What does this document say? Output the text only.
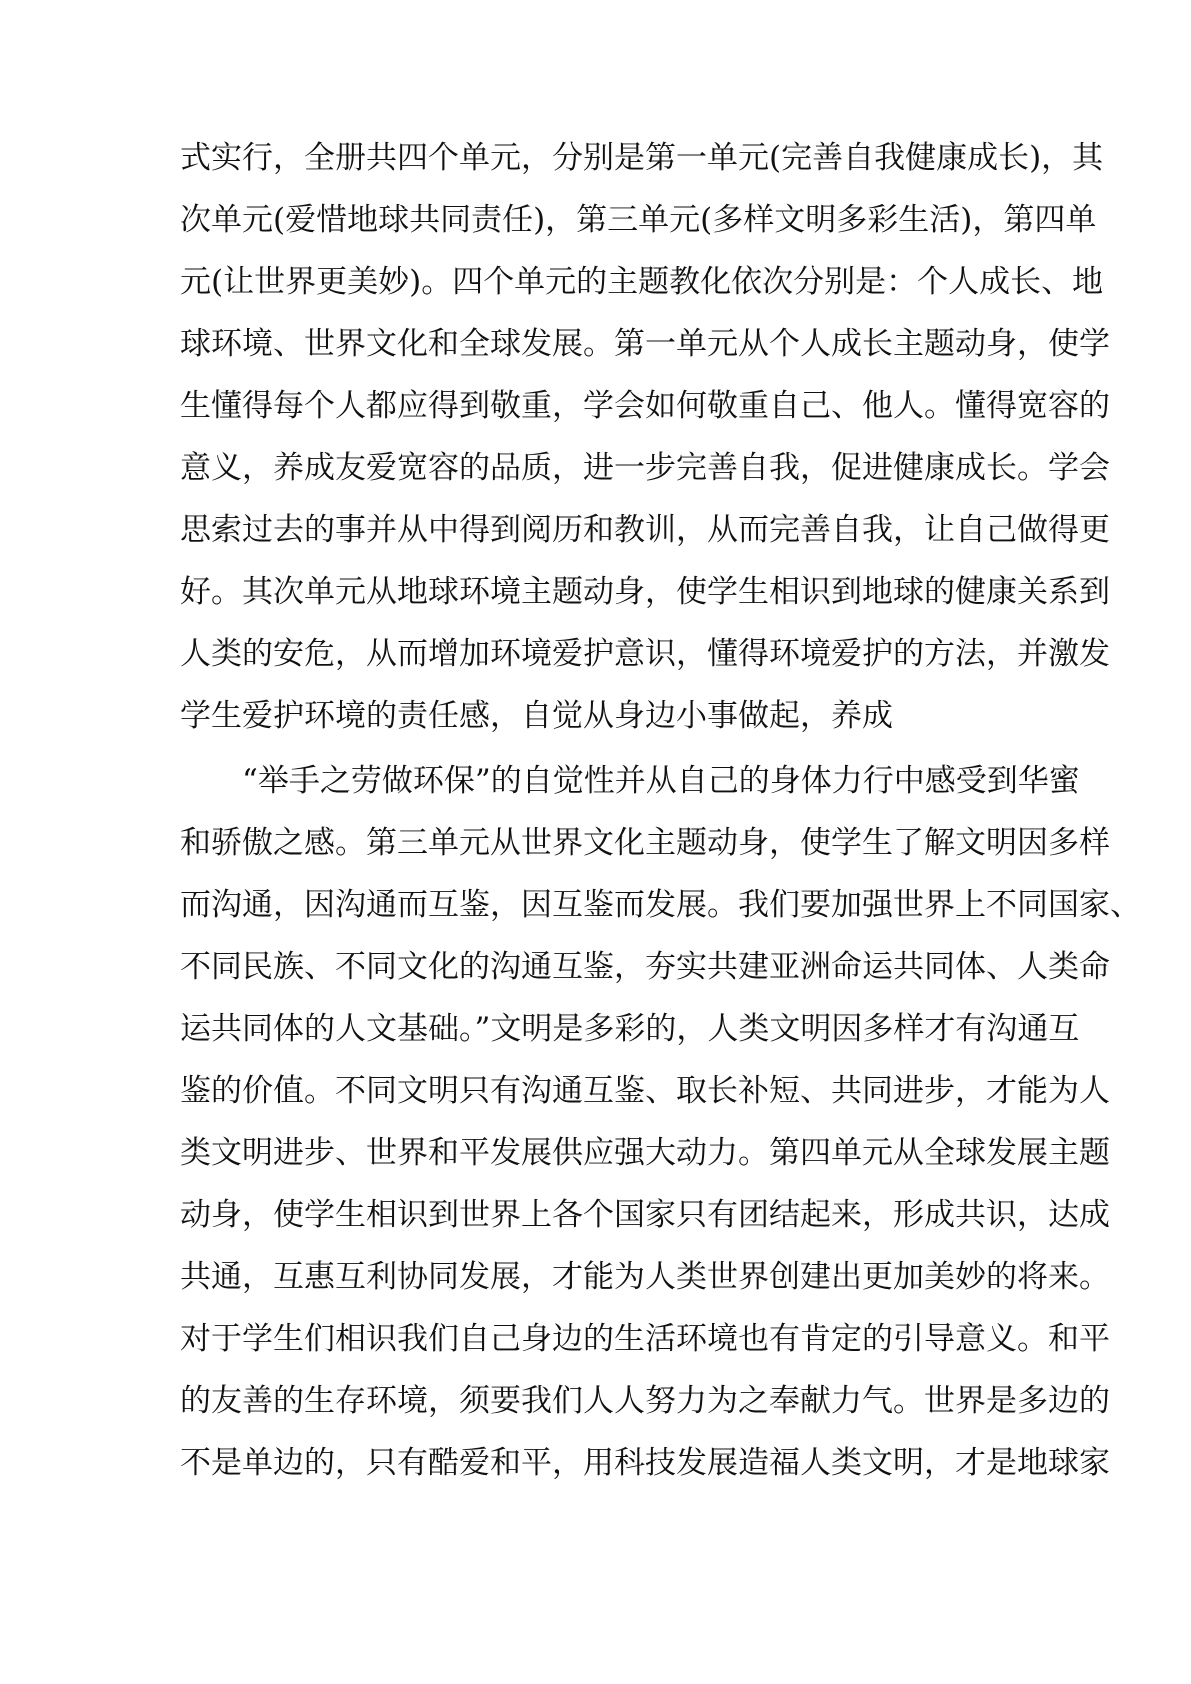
式实行，全册共四个单元，分别是第一单元(完善自我健康成长)，其
次单元(爱惜地球共同责任)，第三单元(多样文明多彩生活)，第四单
元(让世界更美妙)。四个单元的主题教化依次分别是：个人成长、地
球环境、世界文化和全球发展。第一单元从个人成长主题动身，使学
生懂得每个人都应得到敬重，学会如何敬重自己、他人。懂得宽容的
意义，养成友爱宽容的品质，进一步完善自我，促进健康成长。学会
思索过去的事并从中得到阅历和教训，从而完善自我，让自己做得更
好。其次单元从地球环境主题动身，使学生相识到地球的健康关系到
人类的安危，从而增加环境爱护意识，懂得环境爱护的方法，并激发
学生爱护环境的责任感，自觉从身边小事做起，养成
“举手之劳做环保”的自觉性并从自己的身体力行中感受到华蜜
和骄傲之感。第三单元从世界文化主题动身，使学生了解文明因多样
而沟通，因沟通而互鉴，因互鉴而发展。我们要加强世界上不同国家、
不同民族、不同文化的沟通互鉴，夯实共建亚洲命运共同体、人类命
运共同体的人文基础。”文明是多彩的，人类文明因多样才有沟通互
鉴的价值。不同文明只有沟通互鉴、取长补短、共同进步，才能为人
类文明进步、世界和平发展供应强大动力。第四单元从全球发展主题
动身，使学生相识到世界上各个国家只有团结起来，形成共识，达成
共通，互惠互利协同发展，才能为人类世界创建出更加美妙的将来。
对于学生们相识我们自己身边的生活环境也有肯定的引导意义。和平
的友善的生存环境，须要我们人人努力为之奉献力气。世界是多边的
不是单边的，只有酷爱和平，用科技发展造福人类文明，才是地球家
